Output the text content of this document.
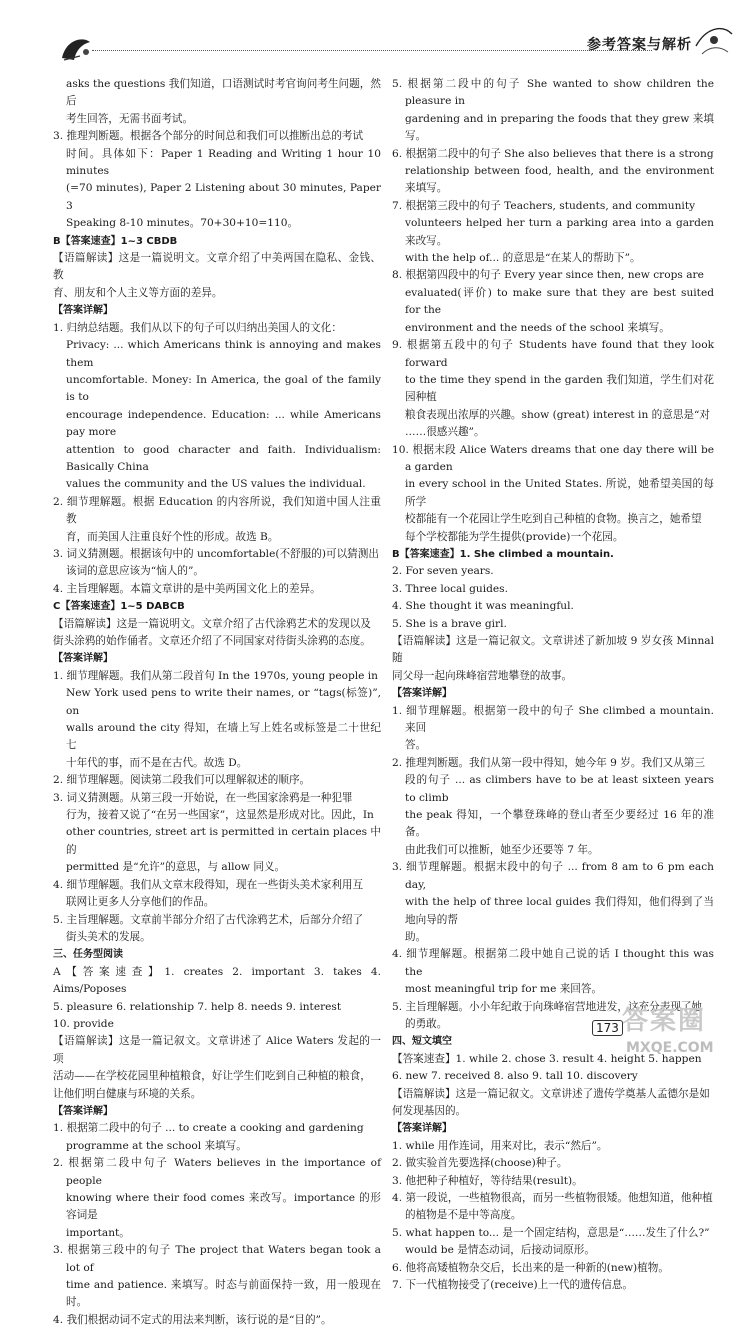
参考答案与解析

asks the questions 我们知道，口语测试时考官询问考生问题，然后

考生回答，无需书面考试。

3. 推理判断题。根据各个部分的时间总和我们可以推断出总的考试

时间。具体如下：Paper 1 Reading and Writing 1 hour 10 minutes

(=70 minutes), Paper 2 Listening about 30 minutes, Paper 3

Speaking 8-10 minutes。70+30+10=110。

B【答案速查】1~3 CBDB

【语篇解读】这是一篇说明文。文章介绍了中美两国在隐私、金钱、教

育、朋友和个人主义等方面的差异。

【答案详解】

1. 归纳总结题。我们从以下的句子可以归纳出美国人的文化：

Privacy: ... which Americans think is annoying and makes them

uncomfortable. Money: In America, the goal of the family is to

encourage independence. Education: ... while Americans pay more

attention to good character and faith. Individualism: Basically China

values the community and the US values the individual.

2. 细节理解题。根据 Education 的内容所说，我们知道中国人注重教

育，而美国人注重良好个性的形成。故选 B。

3. 词义猜测题。根据该句中的 uncomfortable(不舒服的)可以猜测出

该词的意思应该为“恼人的”。

4. 主旨理解题。本篇文章讲的是中美两国文化上的差异。

C【答案速查】1~5 DABCB

【语篇解读】这是一篇说明文。文章介绍了古代涂鸦艺术的发现以及

街头涂鸦的始作俑者。文章还介绍了不同国家对待街头涂鸦的态度。

【答案详解】

1. 细节理解题。我们从第二段首句 In the 1970s, young people in

New York used pens to write their names, or “tags(标签)”, on

walls around the city 得知，在墙上写上姓名或标签是二十世纪七

十年代的事，而不是在古代。故选 D。

2. 细节理解题。阅读第二段我们可以理解叙述的顺序。

3. 词义猜测题。从第三段一开始说，在一些国家涂鸦是一种犯罪

行为，接着又说了“在另一些国家”，这显然是形成对比。因此，In

other countries, street art is permitted in certain places 中的

permitted 是“允许”的意思，与 allow 同义。

4. 细节理解题。我们从文章末段得知，现在一些街头美术家利用互

联网让更多人分享他们的作品。

5. 主旨理解题。文章前半部分介绍了古代涂鸦艺术，后部分介绍了

街头美术的发展。

三、任务型阅读

A【答案速查】1. creates 2. important 3. takes 4. Aims/Poposes

5. pleasure 6. relationship 7. help 8. needs 9. interest

10. provide

【语篇解读】这是一篇记叙文。文章讲述了 Alice Waters 发起的一项

活动——在学校花园里种植粮食，好让学生们吃到自己种植的粮食，

让他们明白健康与环境的关系。

【答案详解】

1. 根据第二段中的句子 ... to create a cooking and gardening

programme at the school 来填写。

2. 根据第二段中句子 Waters believes in the importance of people

knowing where their food comes 来改写。importance 的形容词是

important。

3. 根据第三段中的句子 The project that Waters began took a lot of

time and patience. 来填写。时态与前面保持一致，用一般现在时。

4. 我们根据动词不定式的用法来判断，该行说的是“目的”。

5. 根据第二段中的句子 She wanted to show children the pleasure in

gardening and in preparing the foods that they grew 来填写。

6. 根据第二段中的句子 She also believes that there is a strong

relationship between food, health, and the environment 来填写。

7. 根据第三段中的句子 Teachers, students, and community

volunteers helped her turn a parking area into a garden 来改写。

with the help of... 的意思是“在某人的帮助下”。

8. 根据第四段中的句子 Every year since then, new crops are

evaluated(评价) to make sure that they are best suited for the

environment and the needs of the school 来填写。

9. 根据第五段中的句子 Students have found that they look forward

to the time they spend in the garden 我们知道，学生们对花园种植

粮食表现出浓厚的兴趣。show (great) interest in 的意思是“对

……很感兴趣”。

10. 根据末段 Alice Waters dreams that one day there will be a garden

in every school in the United States. 所说，她希望美国的每所学

校都能有一个花园让学生吃到自己种植的食物。换言之，她希望

每个学校都能为学生提供(provide)一个花园。

B【答案速查】1. She climbed a mountain.

2. For seven years.

3. Three local guides.

4. She thought it was meaningful.

5. She is a brave girl.

【语篇解读】这是一篇记叙文。文章讲述了新加坡 9 岁女孩 Minnal 随

同父母一起向珠峰宿营地攀登的故事。

【答案详解】

1. 细节理解题。根据第一段中的句子 She climbed a mountain. 来回

答。

2. 推理判断题。我们从第一段中得知，她今年 9 岁。我们又从第三

段的句子 ... as climbers have to be at least sixteen years to climb

the peak 得知，一个攀登珠峰的登山者至少要经过 16 年的准备。

由此我们可以推断，她至少还要等 7 年。

3. 细节理解题。根据末段中的句子 ... from 8 am to 6 pm each day,

with the help of three local guides 我们得知，他们得到了当地向导的帮

助。

4. 细节理解题。根据第二段中她自己说的话 I thought this was the

most meaningful trip for me 来回答。

5. 主旨理解题。小小年纪敢于向珠峰宿营地进发，这充分表现了她

的勇敢。

四、短文填空

【答案速查】1. while 2. chose 3. result 4. height 5. happen

6. new 7. received 8. also 9. tall 10. discovery

【语篇解读】这是一篇记叙文。文章讲述了遗传学奠基人孟德尔是如

何发现基因的。

【答案详解】

1. while 用作连词，用来对比，表示“然后”。

2. 做实验首先要选择(choose)种子。

3. 他把种子种植好，等待结果(result)。

4. 第一段说，一些植物很高，而另一些植物很矮。他想知道，他种植

的植物是不是中等高度。

5. what happen to... 是一个固定结构，意思是“……发生了什么?”

would be 是情态动词，后接动词原形。

6. 他将高矮植物杂交后，长出来的是一种新的(new)植物。

7. 下一代植物接受了(receive)上一代的遗传信息。

答案圈
MXQE.COM
173
